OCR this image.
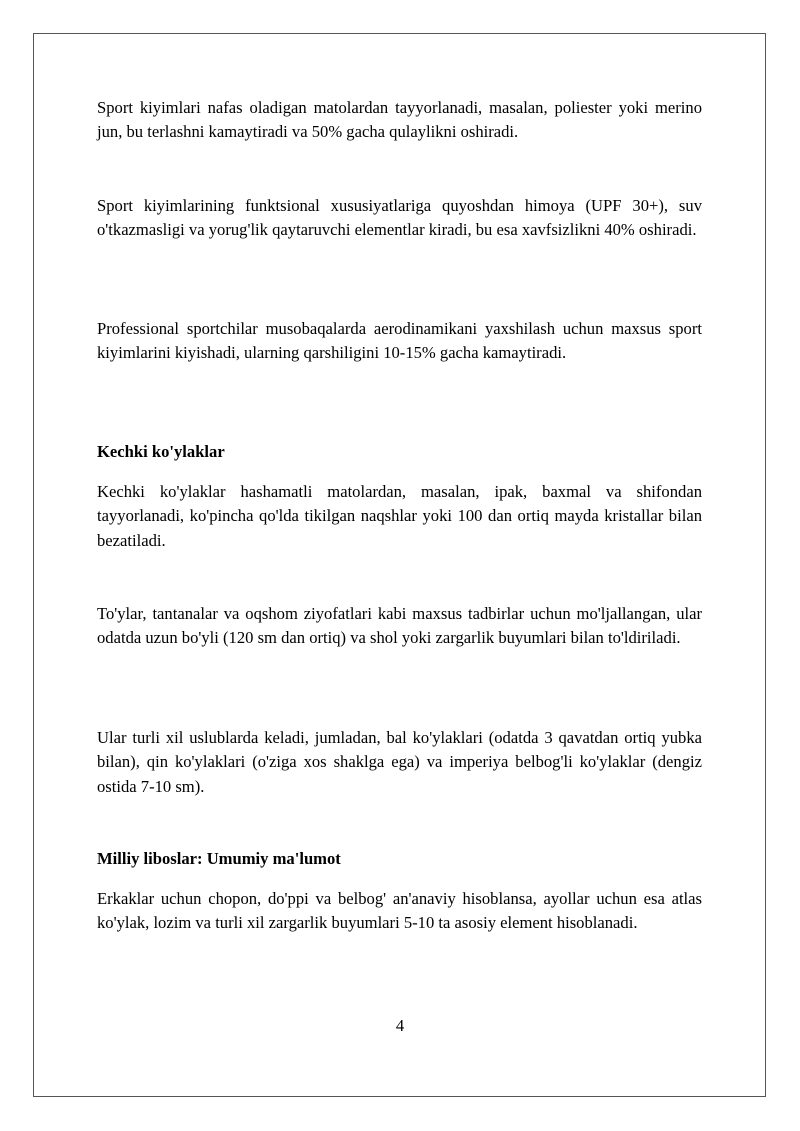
Sport kiyimlari nafas oladigan matolardan tayyorlanadi, masalan, poliester yoki merino jun, bu terlashni kamaytiradi va 50% gacha qulaylikni oshiradi.

Sport kiyimlarining funktsional xususiyatlariga quyoshdan himoya (UPF 30+), suv o'tkazmasligi va yorug'lik qaytaruvchi elementlar kiradi, bu esa xavfsizlikni 40% oshiradi.

Professional sportchilar musobaqalarda aerodinamikani yaxshilash uchun maxsus sport kiyimlarini kiyishadi, ularning qarshiligini 10-15% gacha kamaytiradi.

Kechki ko'ylaklar

Kechki ko'ylaklar hashamatli matolardan, masalan, ipak, baxmal va shifondan tayyorlanadi, ko'pincha qo'lda tikilgan naqshlar yoki 100 dan ortiq mayda kristallar bilan bezatiladi.

To'ylar, tantanalar va oqshom ziyofatlari kabi maxsus tadbirlar uchun mo'ljallangan, ular odatda uzun bo'yli (120 sm dan ortiq) va shol yoki zargarlik buyumlari bilan to'ldiriladi.

Ular turli xil uslublarda keladi, jumladan, bal ko'ylaklari (odatda 3 qavatdan ortiq yubka bilan), qin ko'ylaklari (o'ziga xos shaklga ega) va imperiya belbog'li ko'ylaklar (dengiz ostida 7-10 sm).

Milliy liboslar: Umumiy ma'lumot

Erkaklar uchun chopon, do'ppi va belbog' an'anaviy hisoblansa, ayollar uchun esa atlas ko'ylak, lozim va turli xil zargarlik buyumlari 5-10 ta asosiy element hisoblanadi.

4
